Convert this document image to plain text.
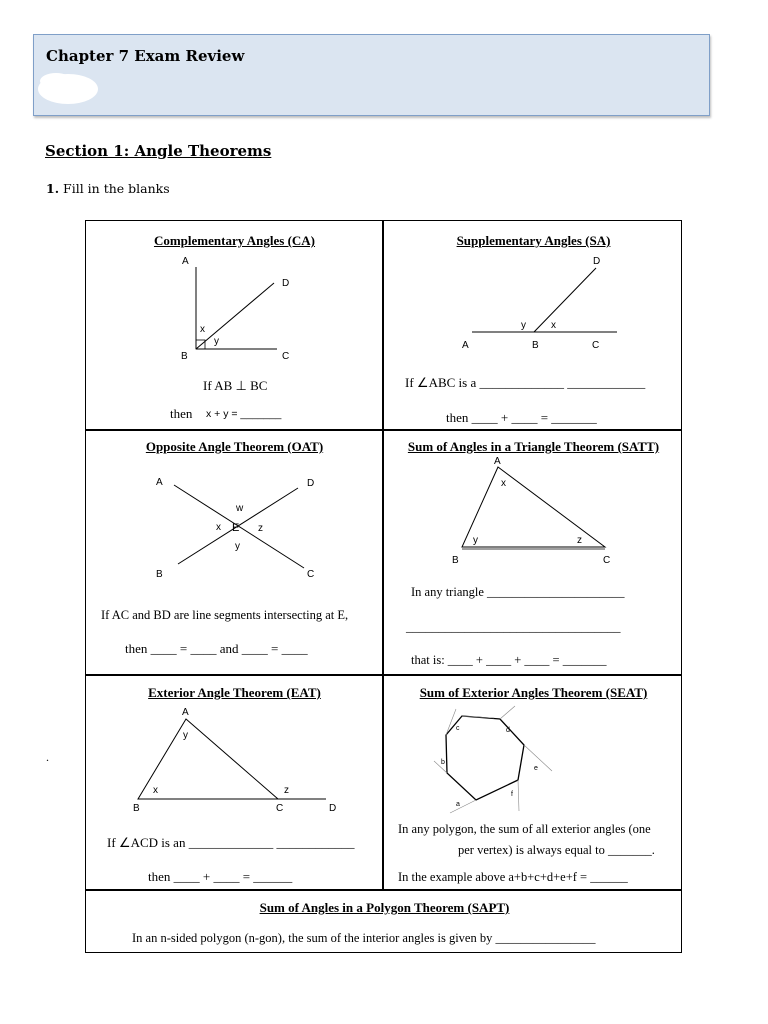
Chapter 7 Exam Review
Section 1: Angle Theorems
1. Fill in the blanks
.
Complementary Angles (CA)
A
D
B	C
x
y
If AB ⊥ BC
then x + y = _______
Supplementary Angles (SA)
D
y	x
A	B	C
If ∠ABC is a _____________ ____________
then ____ + ____ = _______
Opposite Angle Theorem (OAT)
A	D
w
x E z
y
B	C
If AC and BD are line segments intersecting at E,
then ____ = ____ and ____ = ____
Sum of Angles in a Triangle Theorem (SATT)
A
x
y	z
B	C
In any triangle ______________________
_________________________________
that is: ____ + ____ + ____ = _______
Exterior Angle Theorem (EAT)
A
y
x	z
B	C	D
If ∠ACD is an _____________ ____________
then ____ + ____ = ______
Sum of Exterior Angles Theorem (SEAT)
c	d
e
f
a
b
In any polygon, the sum of all exterior angles (one
per vertex) is always equal to _______.
In the example above a+b+c+d+e+f = ______
Sum of Angles in a Polygon Theorem (SAPT)
In an n-sided polygon (n-gon), the sum of the interior angles is given by ________________
